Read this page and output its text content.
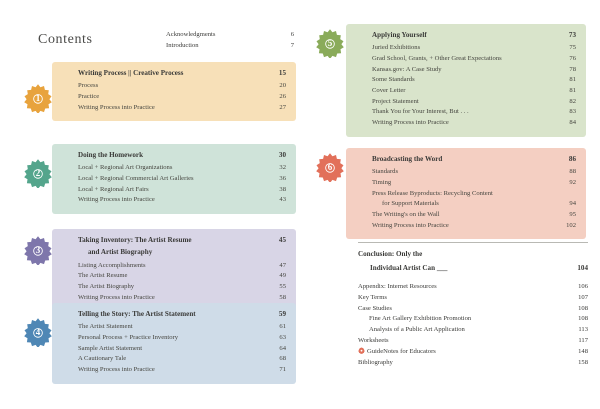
Contents	Acknowledgments	6
Introduction	7
Writing Process || Creative Process	15
Process	20
Practice	26
Writing Process into Practice	27
1
Doing the Homework	30
Local + Regional Art Organizations	32
Local + Regional Commercial Art Galleries	36
Local + Regional Art Fairs	38
Writing Process into Practice	43
2
Taking Inventory: The Artist Resume	45
and Artist Biography
Listing Accomplishments	47
The Artist Resume	49
The Artist Biography	55
Writing Process into Practice	58
3
Telling the Story: The Artist Statement	59
The Artist Statement	61
Personal Process + Practice Inventory	63
Sample Artist Statement	64
A Cautionary Tale	68
Writing Process into Practice	71
4
Applying Yourself	73
Juried Exhibitions	75
Grad School, Grants, + Other Great Expectations	76
Kansas.gov: A Case Study	78
Some Standards	81
Cover Letter	81
Project Statement	82
Thank You for Your Interest, But . . .	83
Writing Process into Practice	84
5
Broadcasting the Word	86
Standards	88
Timing	92
Press Release Byproducts: Recycling Content
for Support Materials	94
The Writing's on the Wall	95
Writing Process into Practice	102
6
Conclusion: Only the
Individual Artist Can ___	104
Appendix: Internet Resources	106
Key Terms	107
Case Studies	108
Fine Art Gallery Exhibition Promotion	108
Analysis of a Public Art Application	113
Worksheets	117
GuideNotes for Educators	148
Bibliography	158
